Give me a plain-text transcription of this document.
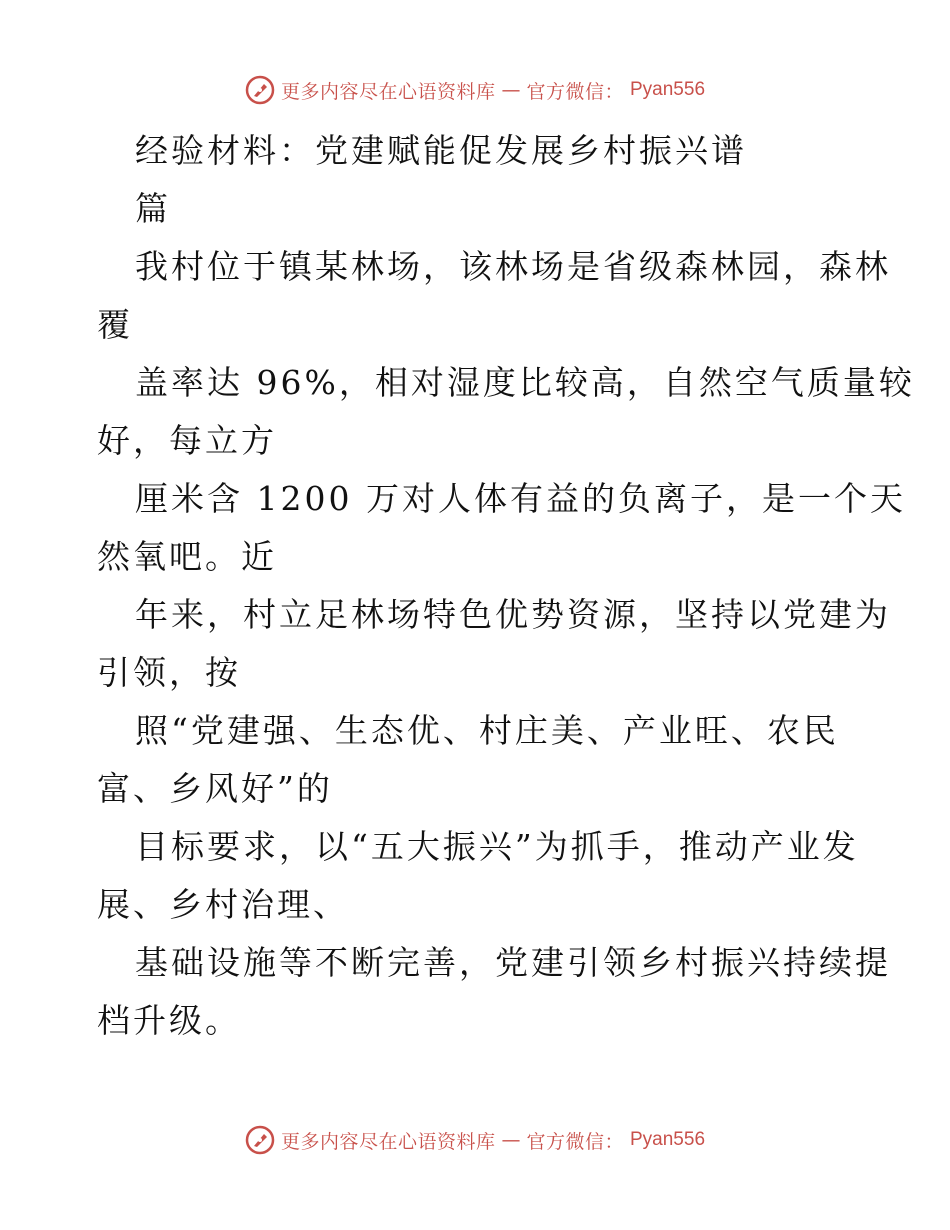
更多内容尽在心语资料库 — 官方微信： Pyan556
经验材料：党建赋能促发展乡村振兴谱
篇
我村位于镇某林场，该林场是省级森林园，森林
覆
盖率达 96%，相对湿度比较高，自然空气质量较
好，每立方
厘米含 1200 万对人体有益的负离子，是一个天
然氧吧。近
年来，村立足林场特色优势资源，坚持以党建为
引领，按
照“党建强、生态优、村庄美、产业旺、农民
富、乡风好”的
目标要求，以“五大振兴”为抓手，推动产业发
展、乡村治理、
基础设施等不断完善，党建引领乡村振兴持续提
档升级。
更多内容尽在心语资料库 — 官方微信： Pyan556
